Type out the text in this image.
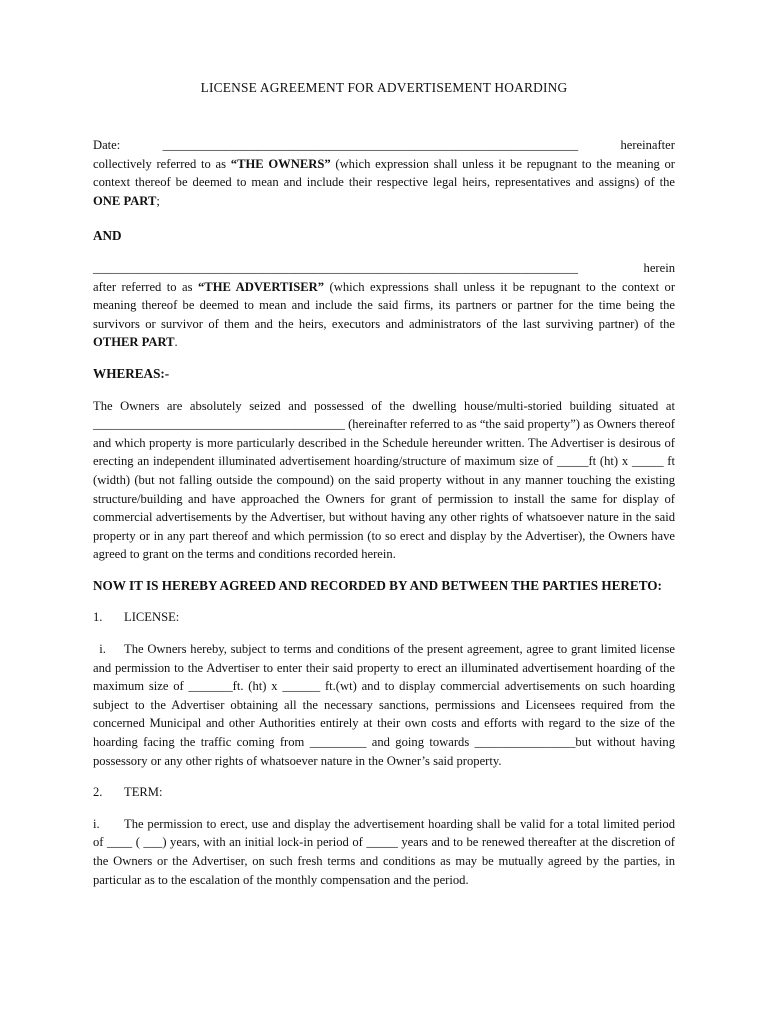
LICENSE AGREEMENT FOR ADVERTISEMENT HOARDING
Date:	__________________________________________________________________	hereinafter

collectively referred to as “THE OWNERS” (which expression shall unless it be repugnant to the meaning or context thereof be deemed to mean and include their respective legal heirs, representatives and assigns) of the ONE PART;

AND

_____________________________________________________________________________	herein

after referred to as “THE ADVERTISER” (which expressions shall unless it be repugnant to the context or meaning thereof be deemed to mean and include the said firms, its partners or partner for the time being the survivors or survivor of them and the heirs, executors and administrators of the last surviving partner) of the OTHER PART.

WHEREAS:-

The Owners are absolutely seized and possessed of the dwelling house/multi-storied building situated at ________________________________________ (hereinafter referred to as “the said property”) as Owners thereof and which property is more particularly described in the Schedule hereunder written. The Advertiser is desirous of erecting an independent illuminated advertisement hoarding/structure of maximum size of _____ft (ht) x _____ ft (width) (but not falling outside the compound) on the said property without in any manner touching the existing structure/building and have approached the Owners for grant of permission to install the same for display of commercial advertisements by the Advertiser, but without having any other rights of whatsoever nature in the said property or in any part thereof and which permission (to so erect and display by the Advertiser), the Owners have agreed to grant on the terms and conditions recorded herein.

NOW IT IS HEREBY AGREED AND RECORDED BY AND BETWEEN THE PARTIES HERETO:

1. LICENSE:

i. The Owners hereby, subject to terms and conditions of the present agreement, agree to grant limited license and permission to the Advertiser to enter their said property to erect an illuminated advertisement hoarding of the maximum size of _______ft. (ht) x ______ ft.(wt) and to display commercial advertisements on such hoarding subject to the Advertiser obtaining all the necessary sanctions, permissions and Licensees required from the concerned Municipal and other Authorities entirely at their own costs and efforts with regard to the size of the hoarding facing the traffic coming from _________ and going towards ________________but without having possessory or any other rights of whatsoever nature in the Owner’s said property.

2. TERM:

i. The permission to erect, use and display the advertisement hoarding shall be valid for a total limited period of ____ ( ___) years, with an initial lock-in period of _____ years and to be renewed thereafter at the discretion of the Owners or the Advertiser, on such fresh terms and conditions as may be mutually agreed by the parties, in particular as to the escalation of the monthly compensation and the period.
